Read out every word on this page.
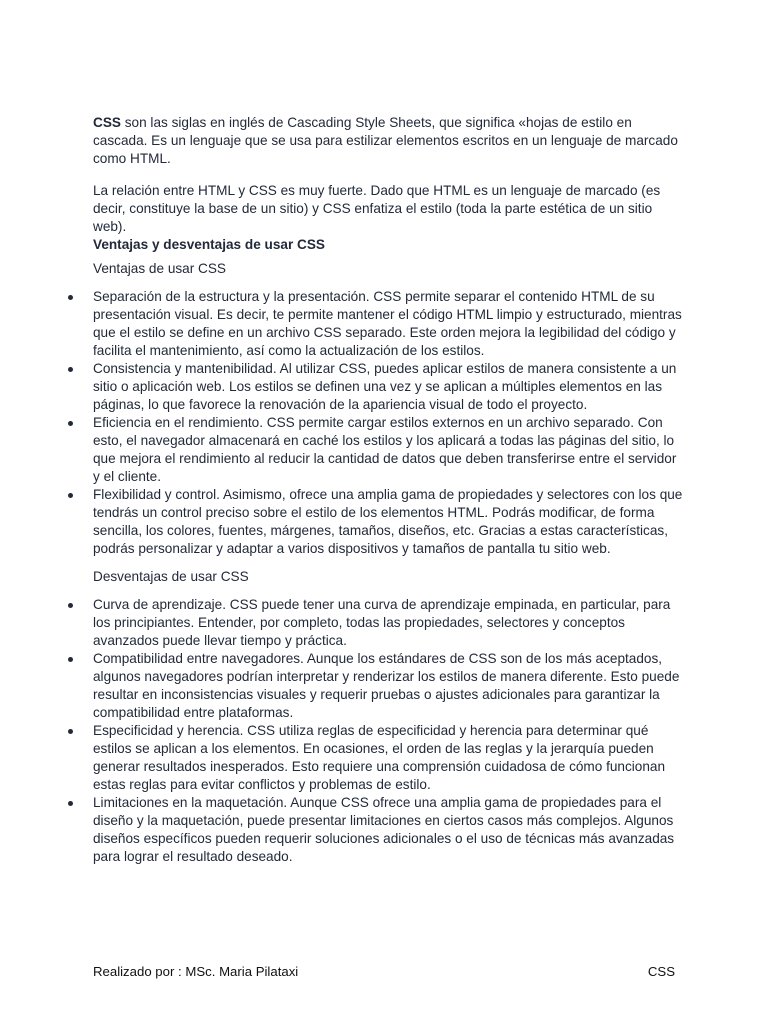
CSS son las siglas en inglés de Cascading Style Sheets, que significa «hojas de estilo en cascada. Es un lenguaje que se usa para estilizar elementos escritos en un lenguaje de marcado como HTML.

La relación entre HTML y CSS es muy fuerte. Dado que HTML es un lenguaje de marcado (es decir, constituye la base de un sitio) y CSS enfatiza el estilo (toda la parte estética de un sitio web).

Ventajas y desventajas de usar CSS

Ventajas de usar CSS

Separación de la estructura y la presentación. CSS permite separar el contenido HTML de su presentación visual. Es decir, te permite mantener el código HTML limpio y estructurado, mientras que el estilo se define en un archivo CSS separado. Este orden mejora la legibilidad del código y facilita el mantenimiento, así como la actualización de los estilos.
Consistencia y mantenibilidad. Al utilizar CSS, puedes aplicar estilos de manera consistente a un sitio o aplicación web. Los estilos se definen una vez y se aplican a múltiples elementos en las páginas, lo que favorece la renovación de la apariencia visual de todo el proyecto.
Eficiencia en el rendimiento. CSS permite cargar estilos externos en un archivo separado. Con esto, el navegador almacenará en caché los estilos y los aplicará a todas las páginas del sitio, lo que mejora el rendimiento al reducir la cantidad de datos que deben transferirse entre el servidor y el cliente.
Flexibilidad y control. Asimismo, ofrece una amplia gama de propiedades y selectores con los que tendrás un control preciso sobre el estilo de los elementos HTML. Podrás modificar, de forma sencilla, los colores, fuentes, márgenes, tamaños, diseños, etc. Gracias a estas características, podrás personalizar y adaptar a varios dispositivos y tamaños de pantalla tu sitio web.

Desventajas de usar CSS

Curva de aprendizaje. CSS puede tener una curva de aprendizaje empinada, en particular, para los principiantes. Entender, por completo, todas las propiedades, selectores y conceptos avanzados puede llevar tiempo y práctica.
Compatibilidad entre navegadores. Aunque los estándares de CSS son de los más aceptados, algunos navegadores podrían interpretar y renderizar los estilos de manera diferente. Esto puede resultar en inconsistencias visuales y requerir pruebas o ajustes adicionales para garantizar la compatibilidad entre plataformas.
Especificidad y herencia. CSS utiliza reglas de especificidad y herencia para determinar qué estilos se aplican a los elementos. En ocasiones, el orden de las reglas y la jerarquía pueden generar resultados inesperados. Esto requiere una comprensión cuidadosa de cómo funcionan estas reglas para evitar conflictos y problemas de estilo.
Limitaciones en la maquetación. Aunque CSS ofrece una amplia gama de propiedades para el diseño y la maquetación, puede presentar limitaciones en ciertos casos más complejos. Algunos diseños específicos pueden requerir soluciones adicionales o el uso de técnicas más avanzadas para lograr el resultado deseado.
Realizado por : MSc. Maria Pilataxi	CSS
